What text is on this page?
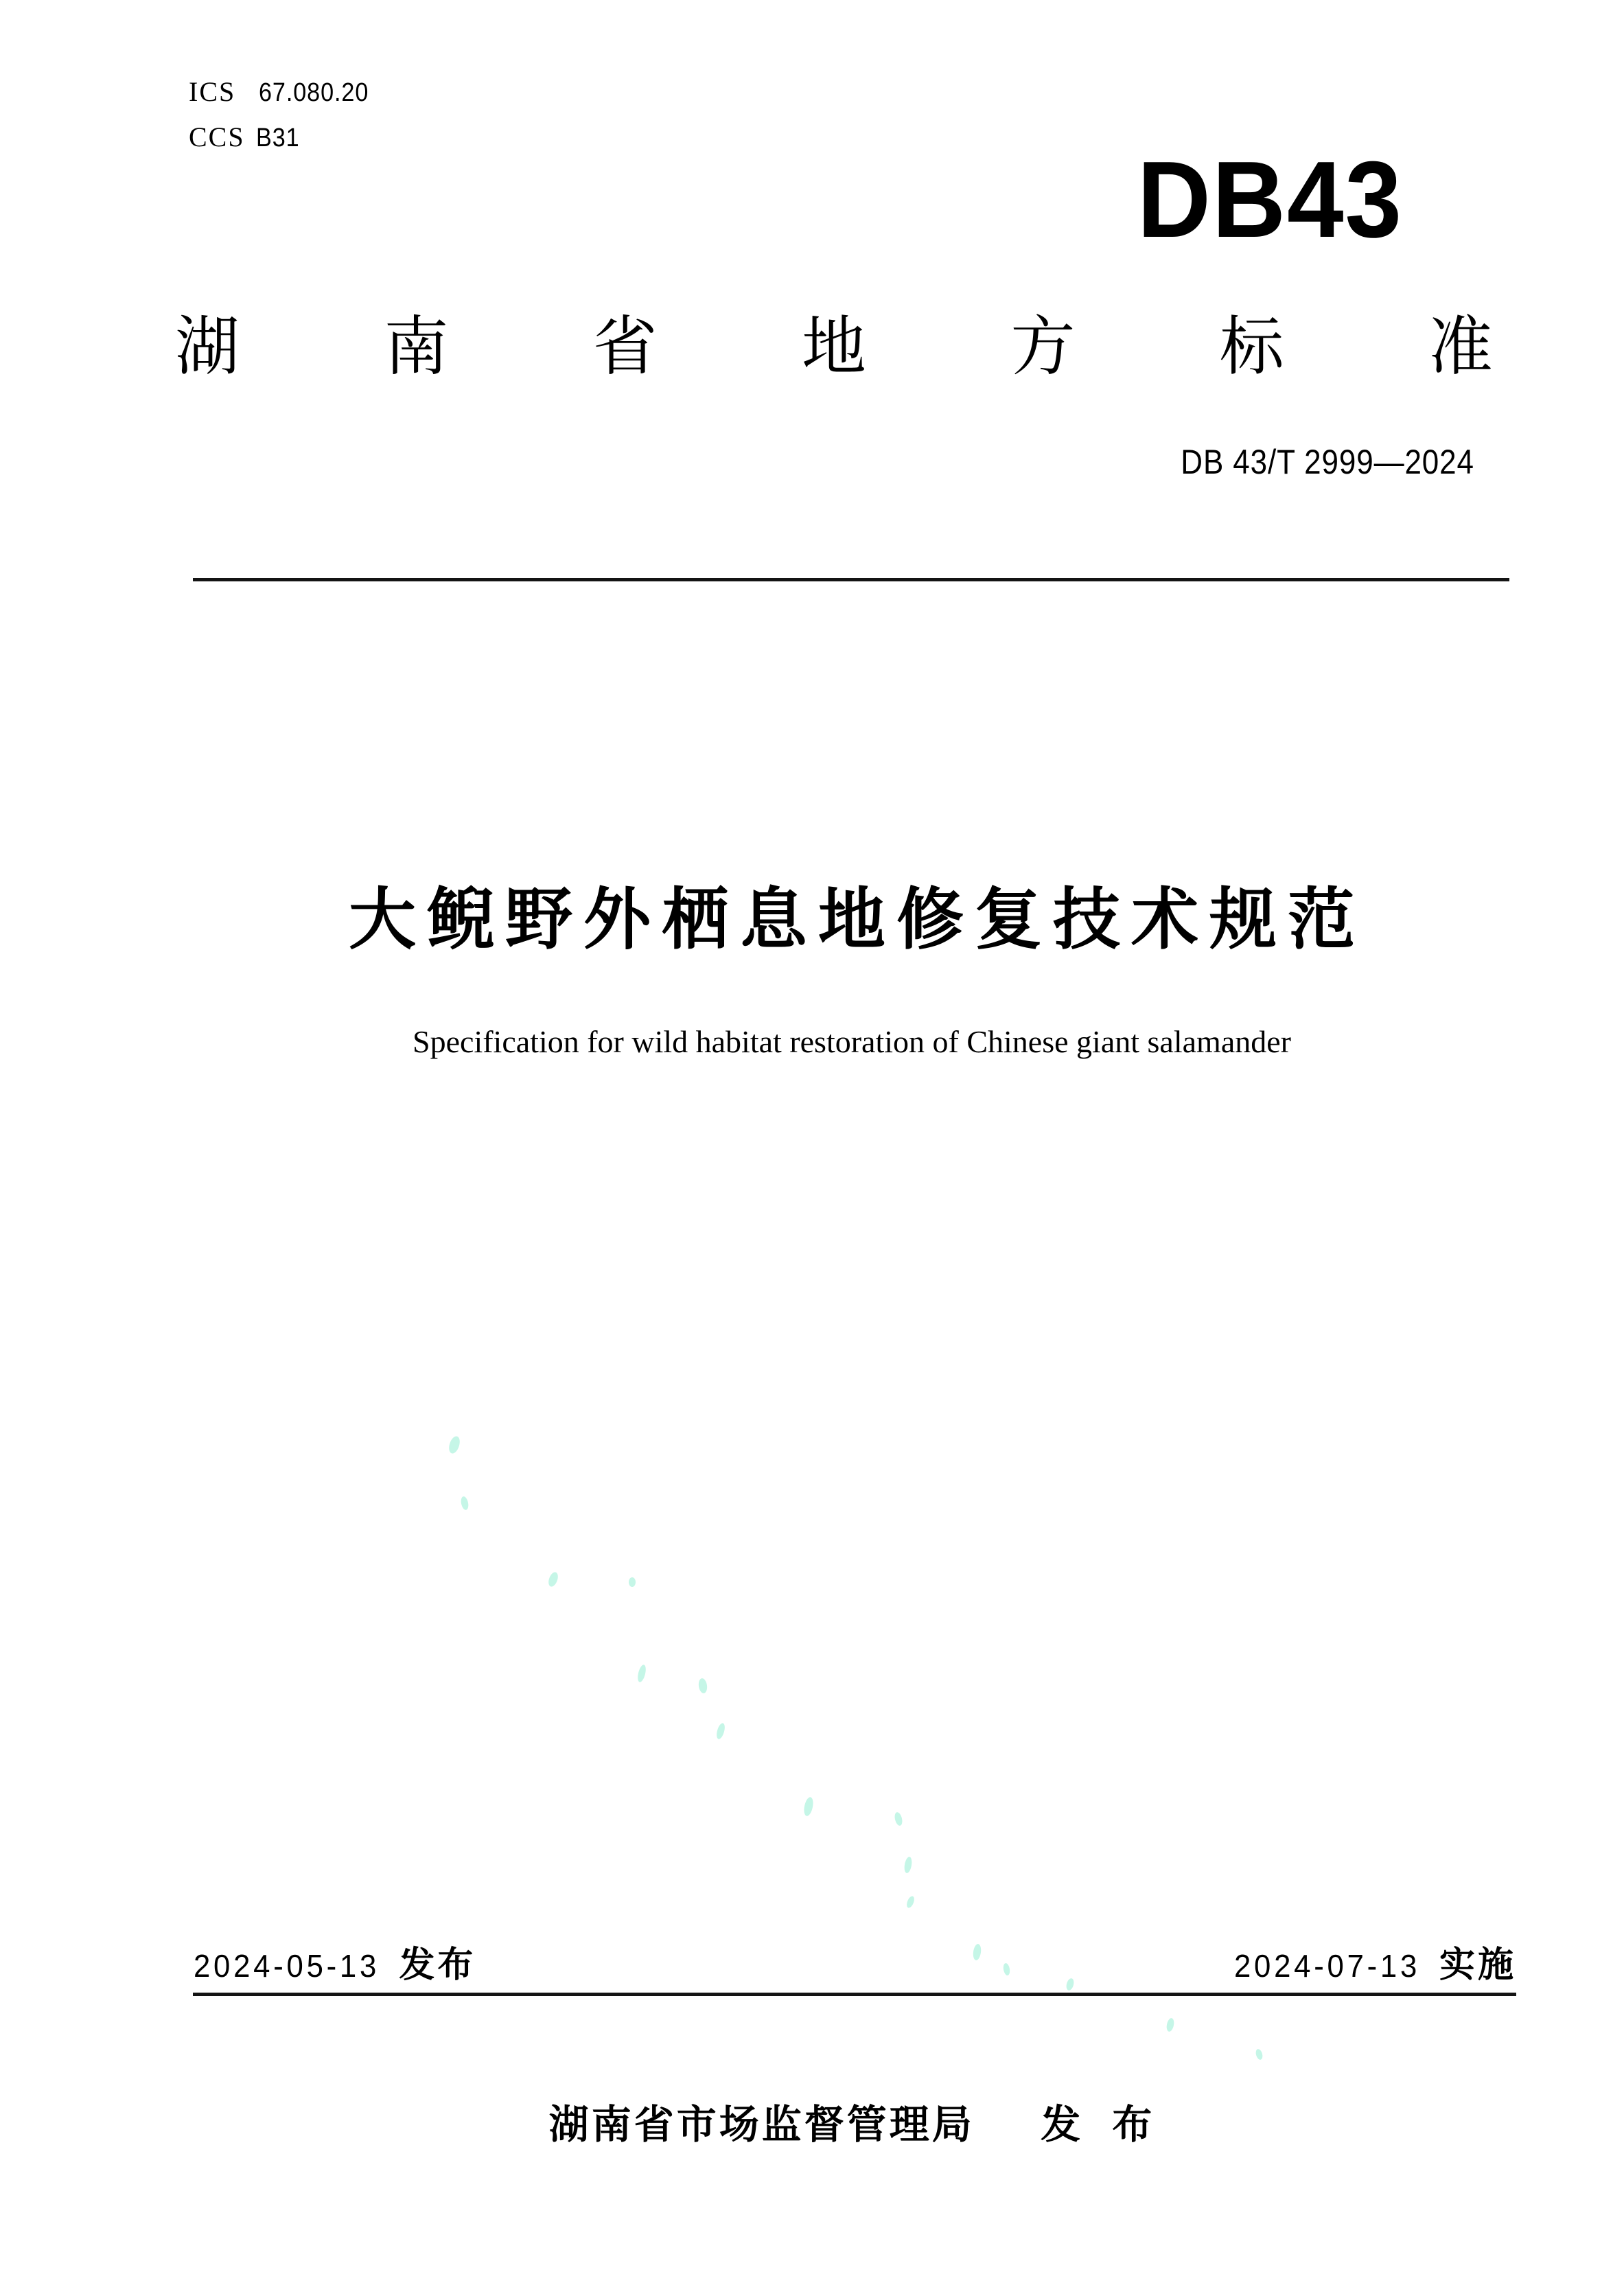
ICS 67.080.20
CCS B31
DB43
湖 南 省 地 方 标 准
DB 43/T 2999—2024
大鲵野外栖息地修复技术规范
Specification for wild habitat restoration of Chinese giant salamander
2024-05-13 发布	2024-07-13 实施
湖南省市场监督管理局 发 布
